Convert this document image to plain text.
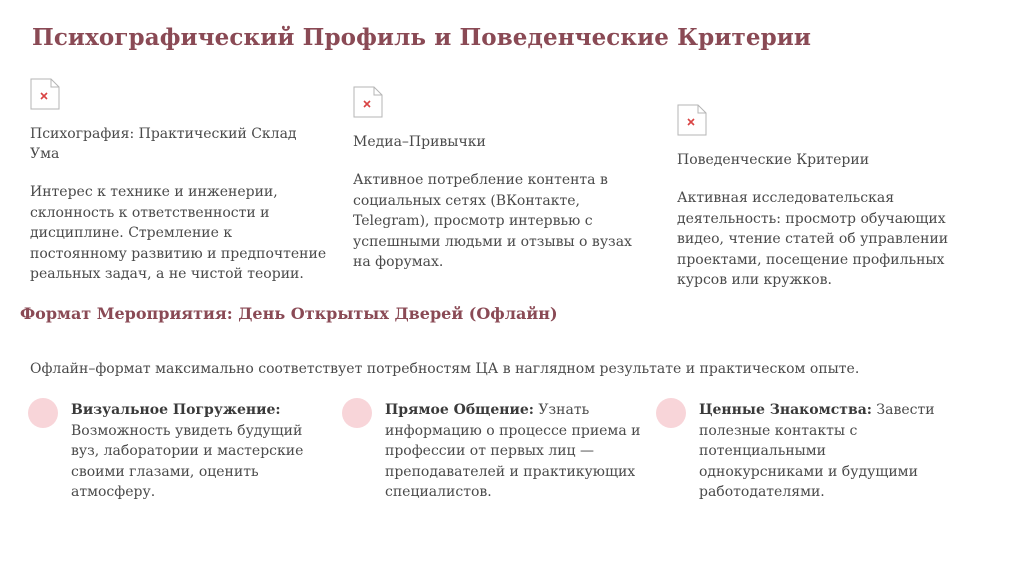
Психографический Профиль и Поведенческие Критерии
Психография: Практический Склад Ума
Интерес к технике и инженерии, склонность к ответственности и дисциплине. Стремление к постоянному развитию и предпочтение реальных задач, а не чистой теории.
Медиа–Привычки
Активное потребление контента в социальных сетях (ВКонтакте, Telegram), просмотр интервью с успешными людьми и отзывы о вузах на форумах.
Поведенческие Критерии
Активная исследовательская деятельность: просмотр обучающих видео, чтение статей об управлении проектами, посещение профильных курсов или кружков.
Формат Мероприятия: День Открытых Дверей (Офлайн)
Офлайн–формат максимально соответствует потребностям ЦА в наглядном результате и практическом опыте.
Визуальное Погружение: Возможность увидеть будущий вуз, лаборатории и мастерские своими глазами, оценить атмосферу.
Прямое Общение: Узнать информацию о процессе приема и профессии от первых лиц — преподавателей и практикующих специалистов.
Ценные Знакомства: Завести полезные контакты с потенциальными однокурсниками и будущими работодателями.
